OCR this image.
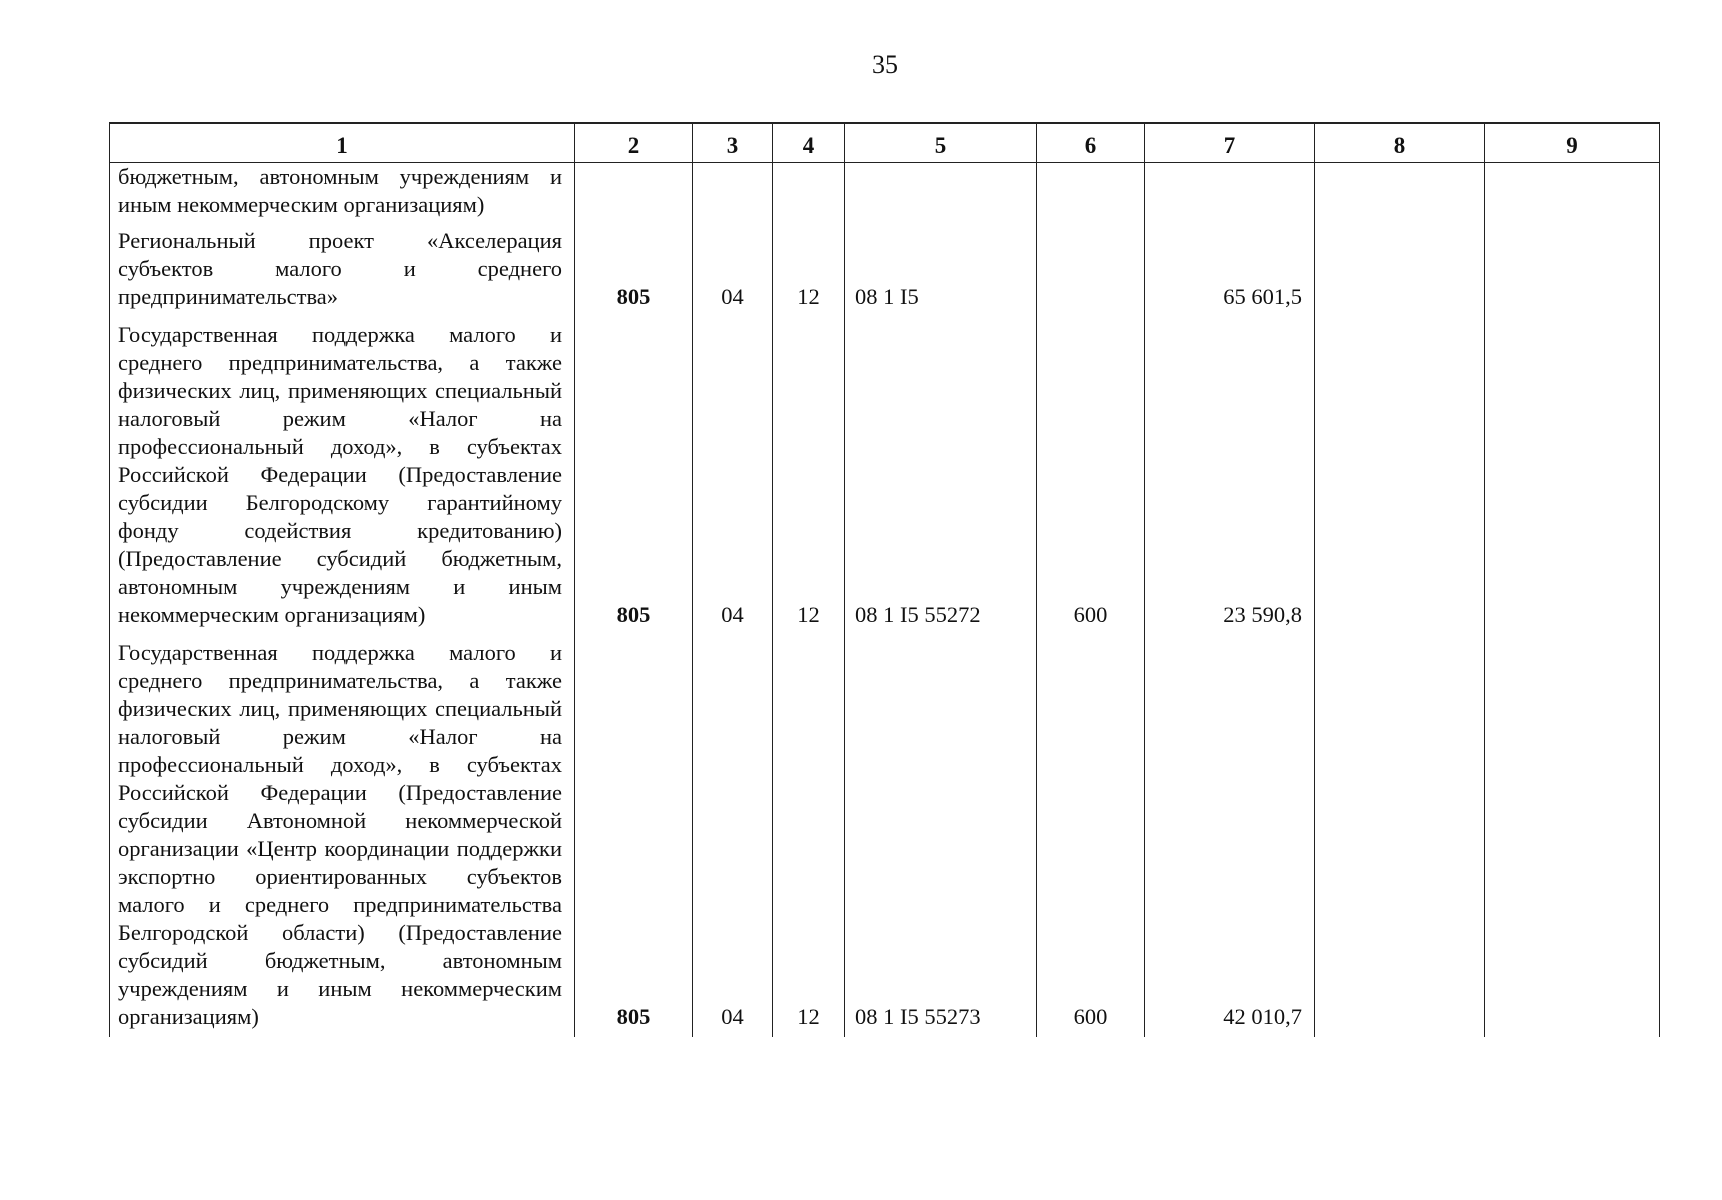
35
1	2	3	4	5	6	7	8	9
бюджетным, автономным учреждениям и иным некоммерческим организациям)								
Региональный проект «Акселерация субъектов малого и среднего предпринимательства»	805	04	12	08 1 I5		65 601,5		
Государственная поддержка малого и среднего предпринимательства, а также физических лиц, применяющих специальный налоговый режим «Налог на профессиональный доход», в субъектах Российской Федерации (Предоставление субсидии Белгородскому гарантийному фонду содействия кредитованию) (Предоставление субсидий бюджетным, автономным учреждениям и иным некоммерческим организациям)	805	04	12	08 1 I5 55272	600	23 590,8		
Государственная поддержка малого и среднего предпринимательства, а также физических лиц, применяющих специальный налоговый режим «Налог на профессиональный доход», в субъектах Российской Федерации (Предоставление субсидии Автономной некоммерческой организации «Центр координации поддержки экспортно ориентированных субъектов малого и среднего предпринимательства Белгородской области) (Предоставление субсидий бюджетным, автономным учреждениям и иным некоммерческим организациям)	805	04	12	08 1 I5 55273	600	42 010,7		
